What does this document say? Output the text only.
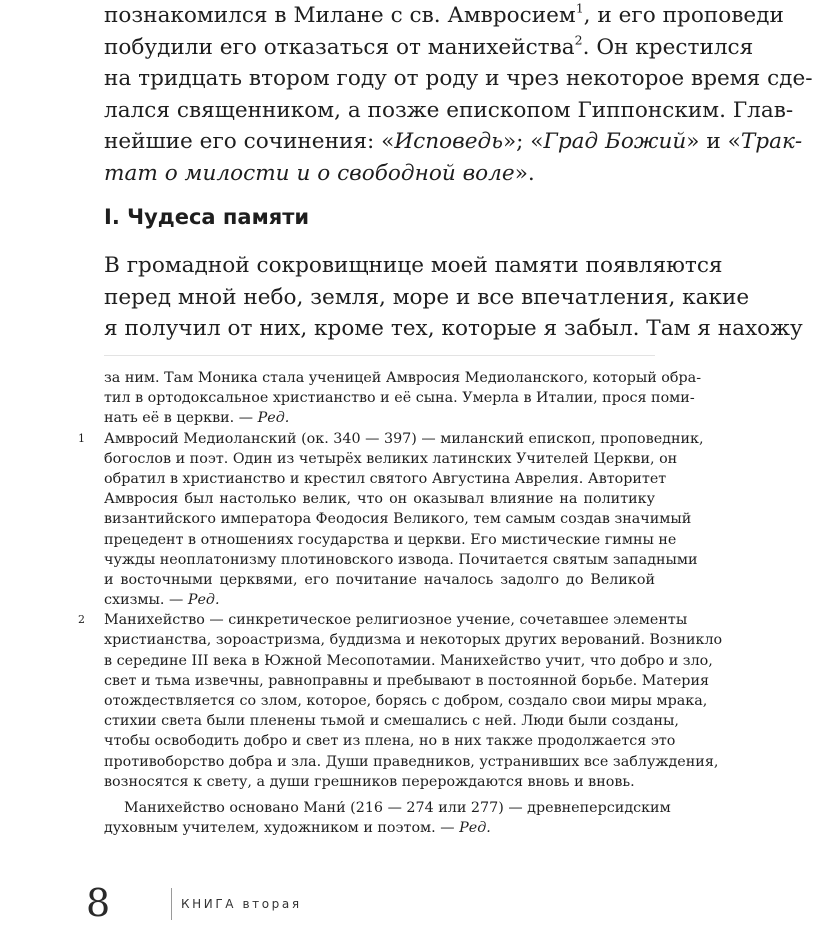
познакомился в Милане с св. Амвросием$^1$, и его проповеди
побудили его отказаться от манихейства$^2$. Он крестился
на тридцать втором году от роду и чрез некоторое время сде-
лался священником, а позже епископом Гиппонским. Глав-
нейшие его сочинения: «Исповедь»; «Град Божий» и «Трак-
тат о милости и о свободной воле».
I. Чудеса памяти
В громадной сокровищнице моей памяти появляются
перед мной небо, земля, море и все впечатления, какие
я получил от них, кроме тех, которые я забыл. Там я нахожу
за ним. Там Моника стала ученицей Амвросия Медиоланского, который обра-
тил в ортодоксальное христианство и её сына. Умерла в Италии, прося поми-
нать её в церкви. — Ред.
1 Амвросий Медиоланский (ок. 340 — 397) — миланский епископ, проповедник,
богослов и поэт. Один из четырёх великих латинских Учителей Церкви, он
обратил в христианство и крестил святого Августина Аврелия. Авторитет
Амвросия был настолько велик, что он оказывал влияние на политику
византийского императора Феодосия Великого, тем самым создав значимый
прецедент в отношениях государства и церкви. Его мистические гимны не
чужды неоплатонизму плотиновского извода. Почитается святым западными
и восточными церквями, его почитание началось задолго до Великой
схизмы. — Ред.
2 Манихейство — синкретическое религиозное учение, сочетавшее элементы
христианства, зороастризма, буддизма и некоторых других верований. Возникло
в середине III века в Южной Месопотамии. Манихейство учит, что добро и зло,
свет и тьма извечны, равноправны и пребывают в постоянной борьбе. Материя
отождествляется со злом, которое, борясь с добром, создало свои миры мрака,
стихии света были пленены тьмой и смешались с ней. Люди были созданы,
чтобы освободить добро и свет из плена, но в них также продолжается это
противоборство добра и зла. Души праведников, устранивших все заблуждения,
возносятся к свету, а души грешников перерождаются вновь и вновь.
Манихейство основано Мани́ (216 — 274 или 277) — древнеперсидским
духовным учителем, художником и поэтом. — Ред.
8	КНИГА вторая
